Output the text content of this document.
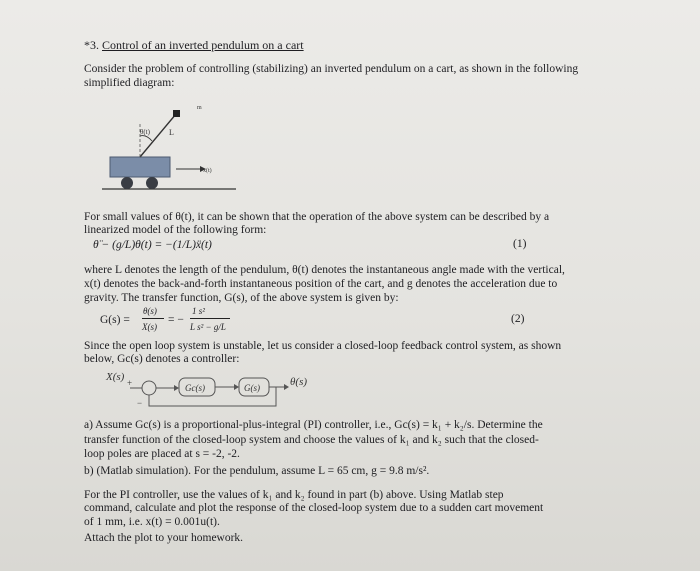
*3. Control of an inverted pendulum on a cart
Consider the problem of controlling (stabilizing) an inverted pendulum on a cart, as shown in the following
simplified diagram:
θ(t) L
m
x(t)
For small values of θ(t), it can be shown that the operation of the above system can be described by a
linearized model of the following form:
θ̈ − (g/L)θ(t) = −(1/L)ẍ(t)	(1)
where L denotes the length of the pendulum, θ(t) denotes the instantaneous angle made with the vertical,
x(t) denotes the back-and-forth instantaneous position of the cart, and g denotes the acceleration due to
gravity. The transfer function, G(s), of the above system is given by:
G(s) =
θ(s)
X(s)
= −
1 s²
L s² − g/L
(2)
Since the open loop system is unstable, let us consider a closed-loop feedback control system, as shown
below, Gc(s) denotes a controller:
X(s) +
−
Gc(s)	G(s)	θ(s)
a) Assume Gc(s) is a proportional-plus-integral (PI) controller, i.e., Gc(s) = k₁ + k₂/s. Determine the
transfer function of the closed-loop system and choose the values of k₁ and k₂ such that the closed-
loop poles are placed at s = -2, -2.
b) (Matlab simulation). For the pendulum, assume L = 65 cm, g = 9.8 m/s².
For the PI controller, use the values of k₁ and k₂ found in part (b) above. Using Matlab step
command, calculate and plot the response of the closed-loop system due to a sudden cart movement
of 1 mm, i.e. x(t) = 0.001u(t).
Attach the plot to your homework.
